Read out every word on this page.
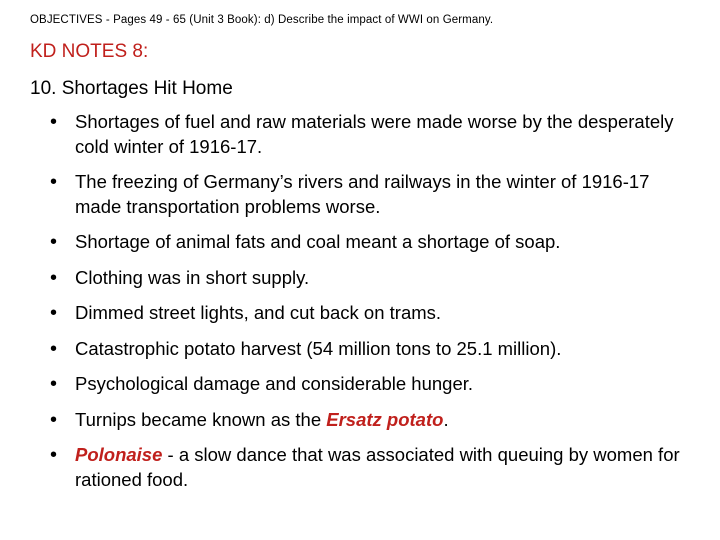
OBJECTIVES - Pages 49 - 65 (Unit 3 Book): d) Describe the impact of WWI on Germany.
KD NOTES 8:
10. Shortages Hit Home
• Shortages of fuel and raw materials were made worse by the desperately cold winter of 1916-17.
• The freezing of Germany’s rivers and railways in the winter of 1916-17 made transportation problems worse.
• Shortage of animal fats and coal meant a shortage of soap.
• Clothing was in short supply.
• Dimmed street lights, and cut back on trams.
• Catastrophic potato harvest (54 million tons to 25.1 million).
• Psychological damage and considerable hunger.
• Turnips became known as the Ersatz potato.
• Polonaise - a slow dance that was associated with queuing by women for rationed food.
